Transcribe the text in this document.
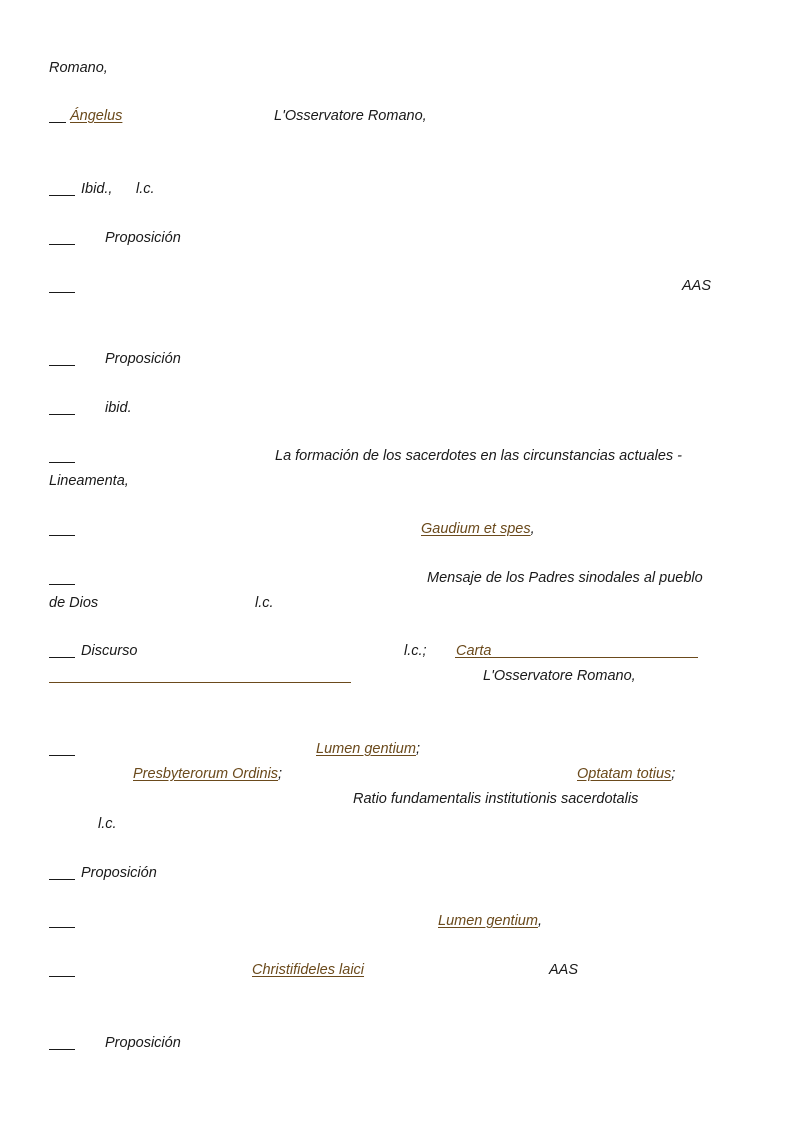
Romano,
Ángelus	L'Osservatore Romano,
Ibid., l.c.
Proposición
AAS
Proposición
ibid.
La formación de los sacerdotes en las circunstancias actuales -
Lineamenta,
Gaudium et spes,
Mensaje de los Padres sinodales al pueblo
de Dios	l.c.
Discurso	l.c.; Carta
L'Osservatore Romano,
Lumen gentium;
Presbyterorum Ordinis;	Optatam totius;
Ratio fundamentalis institutionis sacerdotalis
l.c.
Proposición
Lumen gentium,
Christifideles laici	AAS
Proposición
